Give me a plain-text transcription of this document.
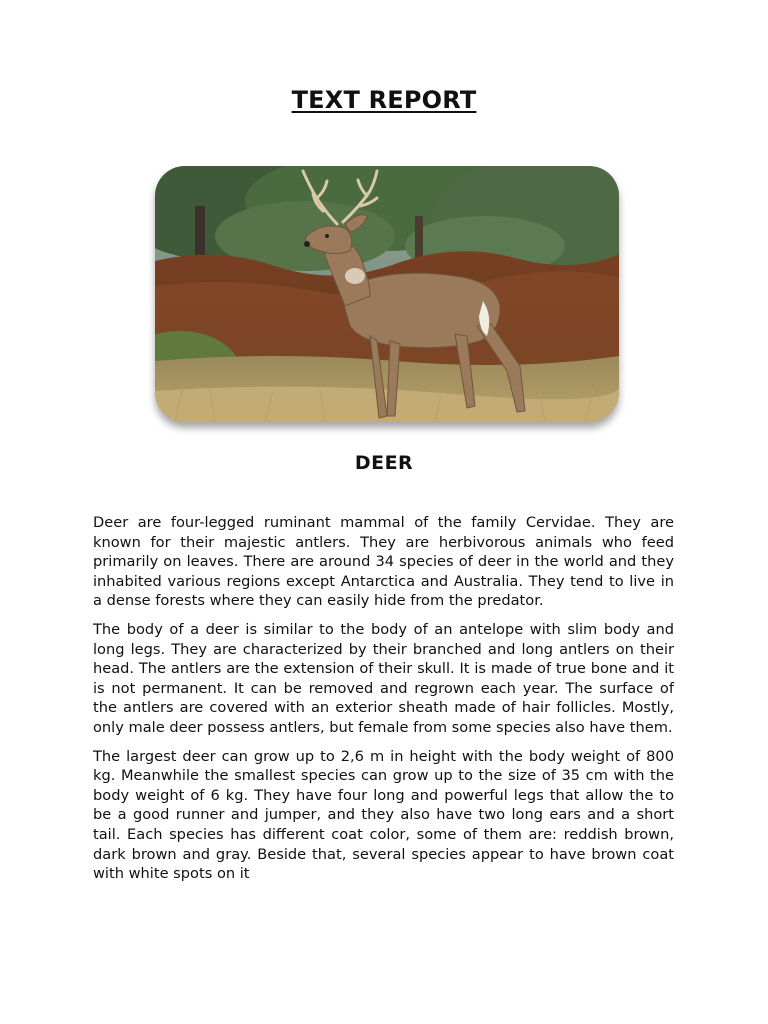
TEXT REPORT
DEER

Deer are four-legged ruminant mammal of the family Cervidae. They are known for their majestic antlers. They are herbivorous animals who feed primarily on leaves. There are around 34 species of deer in the world and they inhabited various regions except Antarctica and Australia. They tend to live in a dense forests where they can easily hide from the predator.

The body of a deer is similar to the body of an antelope with slim body and long legs. They are characterized by their branched and long antlers on their head. The antlers are the extension of their skull. It is made of true bone and it is not permanent. It can be removed and regrown each year. The surface of the antlers are covered with an exterior sheath made of hair follicles. Mostly, only male deer possess antlers, but female from some species also have them.

The largest deer can grow up to 2,6 m in height with the body weight of 800 kg. Meanwhile the smallest species can grow up to the size of 35 cm with the body weight of 6 kg. They have four long and powerful legs that allow the to be a good runner and jumper, and they also have two long ears and a short tail. Each species has different coat color, some of them are: reddish brown, dark brown and gray. Beside that, several species appear to have brown coat with white spots on it
